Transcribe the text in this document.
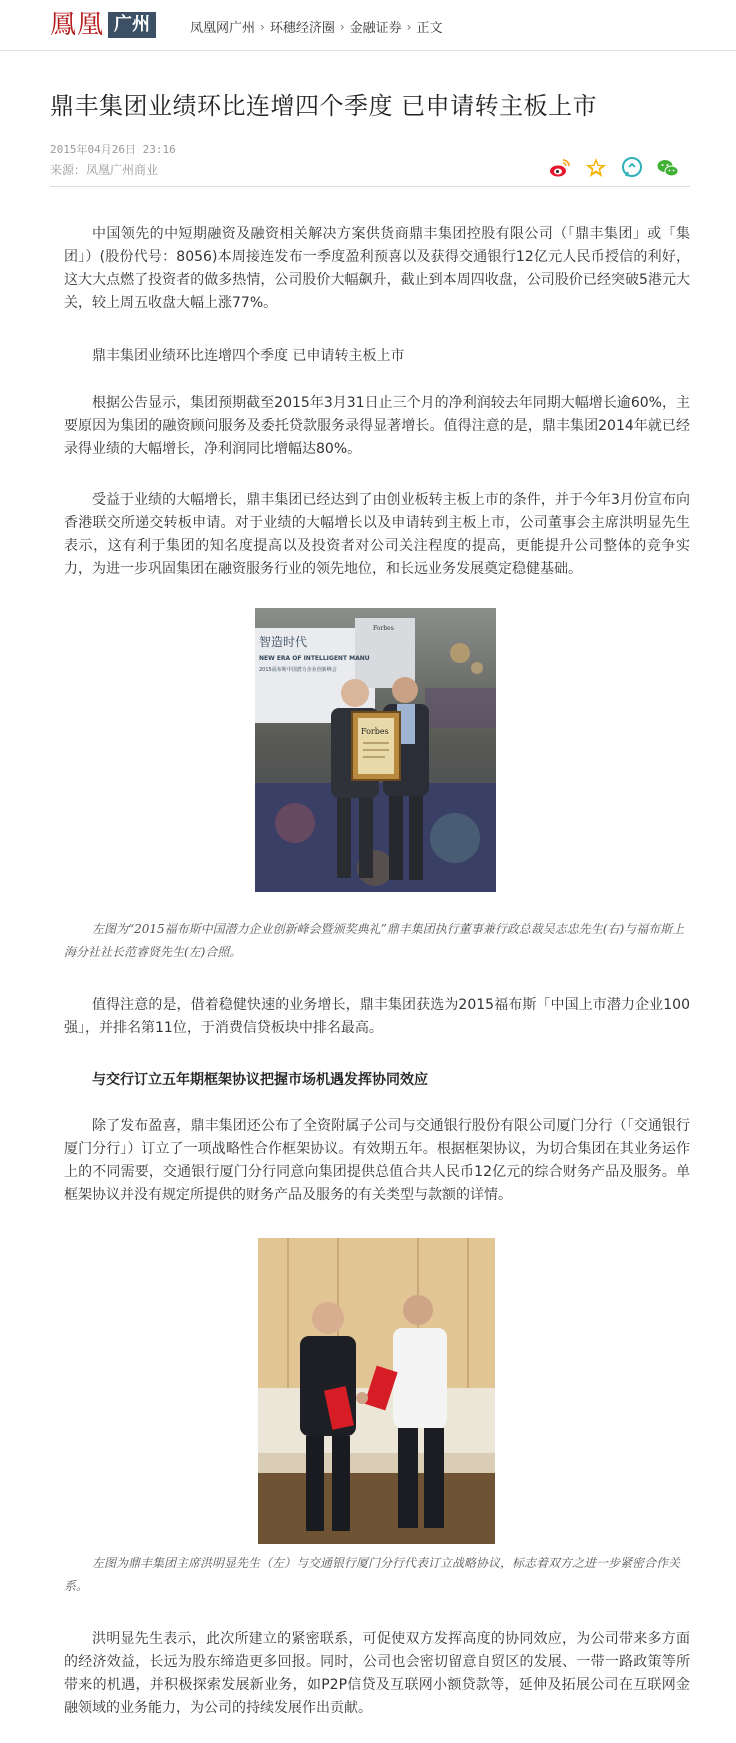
鳳凰 广州	凤凰网广州 › 环穗经济圈 › 金融证券 › 正文
鼎丰集团业绩环比连增四个季度 已申请转主板上市
2015年04月26日 23:16
来源：凤凰广州商业

中国领先的中短期融资及融资相关解决方案供货商鼎丰集团控股有限公司（「鼎丰集团」或「集团」）(股份代号：8056)本周接连发布一季度盈利预喜以及获得交通银行12亿元人民币授信的利好，这大大点燃了投资者的做多热情，公司股价大幅飙升，截止到本周四收盘，公司股价已经突破5港元大关，较上周五收盘大幅上涨77%。

鼎丰集团业绩环比连增四个季度 已申请转主板上市

根据公告显示，集团预期截至2015年3月31日止三个月的净利润较去年同期大幅增长逾60%，主要原因为集团的融资顾问服务及委托贷款服务录得显著增长。值得注意的是，鼎丰集团2014年就已经录得业绩的大幅增长，净利润同比增幅达80%。

受益于业绩的大幅增长，鼎丰集团已经达到了由创业板转主板上市的条件，并于今年3月份宣布向香港联交所递交转板申请。对于业绩的大幅增长以及申请转到主板上市，公司董事会主席洪明显先生表示，这有利于集团的知名度提高以及投资者对公司关注程度的提高，更能提升公司整体的竞争实力，为进一步巩固集团在融资服务行业的领先地位，和长远业务发展奠定稳健基础。

Forbes
智造时代
NEW ERA OF INTELLIGENT MANU
2015福布斯中国潜力企业创新峰会
Forbes

左图为“2015福布斯中国潜力企业创新峰会暨颁奖典礼”鼎丰集团执行董事兼行政总裁吴志忠先生(右)与福布斯上海分社社长范睿贤先生(左)合照。

值得注意的是，借着稳健快速的业务增长，鼎丰集团获选为2015福布斯「中国上市潜力企业100强」，并排名第11位，于消费信贷板块中排名最高。

与交行订立五年期框架协议把握市场机遇发挥协同效应

除了发布盈喜，鼎丰集团还公布了全资附属子公司与交通银行股份有限公司厦门分行（「交通银行厦门分行」）订立了一项战略性合作框架协议。有效期五年。根据框架协议，为切合集团在其业务运作上的不同需要，交通银行厦门分行同意向集团提供总值合共人民币12亿元的综合财务产品及服务。单框架协议并没有规定所提供的财务产品及服务的有关类型与款额的详情。

左图为鼎丰集团主席洪明显先生（左）与交通银行厦门分行代表订立战略协议，标志着双方之进一步紧密合作关系。

洪明显先生表示，此次所建立的紧密联系，可促使双方发挥高度的协同效应，为公司带来多方面的经济效益，长远为股东缔造更多回报。同时，公司也会密切留意自贸区的发展、一带一路政策等所带来的机遇，并积极探索发展新业务，如P2P信贷及互联网小额贷款等，延伸及拓展公司在互联网金融领域的业务能力，为公司的持续发展作出贡献。
